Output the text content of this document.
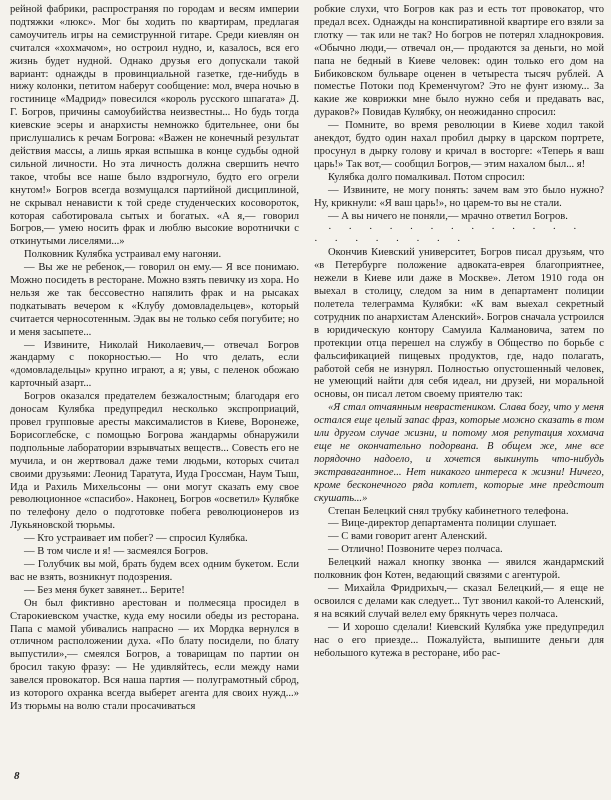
рейной фабрики, распространяя по городам и весям империи подтяжки «люкс». Мог бы ходить по квартирам, предлагая самоучитель игры на семиструнной гитаре. Среди киевлян он считался «хохмачом», но остроил нудно, и, казалось, вся его жизнь будет нудной. Однако друзья его допускали такой вариант: однажды в провинциальной газетке, где-нибудь в нижу колонки, петитом наберут сообщение: мол, вчера ночью в гостинице «Мадрид» повесился «король русского шпагата» Д. Г. Богров, причины самоубийства неизвестны... Но будь тогда киевские эсеры и анархисты немножко бдительнее, они бы прислушались к речам Богрова: «Важен не конечный результат действия массы, а лишь яркая вспышка в конце судьбы одной сильной личности. Но эта личность должна свершить нечто такое, чтобы все наше было вздрогнуло, будто его огрели кнутом!» Богров всегда возмущался партийной дисциплиной, не скрывал ненависти к той среде студенческих косовороток, которая саботировала сытых и богатых. «А я,— говорил Богров,— умею носить фрак и люблю высокие воротнички с откинутыми лиселями...»

Полковник Кулябка устраивал ему нагоняи.

— Вы же не ребенок,— говорил он ему.— Я все понимаю. Можно посидеть в ресторане. Можно взять певичку из хора. Но нельзя же так бессовестно напялить фрак и на рысаках подкатывать вечером к «Клубу домовладельцев», который считается черносотенным. Эдак вы не только себя погубите; но и меня засыпете...

— Извините, Николай Николаевич,— отвечал Богров жандарму с покорностью.— Но что делать, если «домовладельцы» крупно играют, а я; увы, с пеленок обожаю карточный азарт...

Богров оказался предателем безжалостным; благодаря его доносам Кулябка предупредил несколько экспроприаций, провел групповые аресты максималистов в Киеве, Воронеже, Борисоглебске, с помощью Богрова жандармы обнаружили подпольные лаборатории взрывчатых веществ... Совесть его не мучила, и он жертвовал даже теми людьми, которых считал своими друзьями: Леонид Таратута, Иуда Гроссман, Наум Тыш, Ида и Рахиль Михельсоны — они могут сказать ему свое революционное «спасибо». Наконец, Богров «осветил» Кулябке по телефону дело о подготовке побега революционеров из Лукьяновской тюрьмы.

— Кто устраивает им побег? — спросил Кулябка.

— В том числе и я! — засмеялся Богров.

— Голубчик вы мой, брать будем всех одним букетом. Если вас не взять, возникнут подозрения.

— Без меня букет завянет... Берите!

Он был фиктивно арестован и полмесяца просидел в Старокиевском участке, куда ему носили обеды из ресторана. Папа с мамой убивались напрасно — их Мордка вернулся в отличном расположении духа. «По блату посидели, по блату выпустили»,— смеялся Богров, а товарищам по партии он бросил такую фразу: — Не удивляйтесь, если между нами завелся провокатор. Вся наша партия — полуграмотный сброд, из которого охранка всегда выберет агента для своих нужд...» Из тюрьмы на волю стали просачиваться

робкие слухи, что Богров как раз и есть тот провокатор, что предал всех. Однажды на конспиративной квартире его взяли за глотку — так или не так? Но богров не потерял хладнокровия. «Обычно люди,— отвечал он,— продаются за деньги, но мой папа не бедный в Киеве человек: один только его дом на Бибиковском бульваре оценен в четыреста тысяч рублей. А поместье Потоки под Кременчугом? Это не фунт изюму... За какие же коврижки мне было нужно себя и предавать вас, дураков?» Повидав Кулябку, он неожиданно спросил:

— Помните, во время революции в Киеве ходил такой анекдот, будто один нахал пробил дырку в царском портрете, просунул в дырку голову и кричал в восторге: «Теперь я ваш царь!» Так вот,— сообщил Богров,— этим нахалом был... я!

Кулябка долго помалкивал. Потом спросил:

— Извините, не могу понять: зачем вам это было нужно? Ну, крикнули: «Я ваш царь!», но царем-то вы не стали.

— А вы ничего не поняли,— мрачно ответил Богров.

· · · · · · · · · · · · · · · · · · · · ·

Окончив Киевский университет, Богров писал друзьям, что «в Петербурге положение адвоката-еврея благоприятнее, нежели в Киеве или даже в Москве». Летом 1910 года он выехал в столицу, следом за ним в департамент полиции полетела телеграмма Кулябки: «К вам выехал секретный сотрудник по анархистам Аленский». Богров сначала устроился в юридическую контору Самуила Калмановича, затем по протекции отца перешел на службу в Общество по борьбе с фальсификацией пищевых продуктов, где, надо полагать, работой себя не изнурял. Полностью опустошенный человек, не умеющий найти для себя идеал, ни друзей, ни моральной основы, он писал летом своему приятелю так:

«Я стал отчаянным неврастеником. Слава богу, что у меня остался еще целый запас фраз, которые можно сказать в том или другом случае жизни, и потому моя репутация хохмача еще не окончательно подорвана. В общем же, мне все порядочно надоело, и хочется выкинуть что-нибудь экстравагантное... Нет никакого интереса к жизни! Ничего, кроме бесконечного ряда котлет, которые мне предстоит скушать...»

Степан Белецкий снял трубку кабинетного телефона.

— Вице-директор департамента полиции слушает.

— С вами говорит агент Аленский.

— Отлично! Позвоните через полчаса.

Белецкий нажал кнопку звонка — явился жандармский полковник фон Котен, ведающий связями с агентурой.

— Михайла Фридрихыч,— сказал Белецкий,— я еще не освоился с делами как следует... Тут звонил какой-то Аленский, я на всякий случай велел ему брякнуть через полчаса.

— И хорошо сделали! Киевский Кулябка уже предупредил нас о его приезде... Пожалуйста, выпишите деньги для небольшого кутежа в ресторане, ибо рас-

8
